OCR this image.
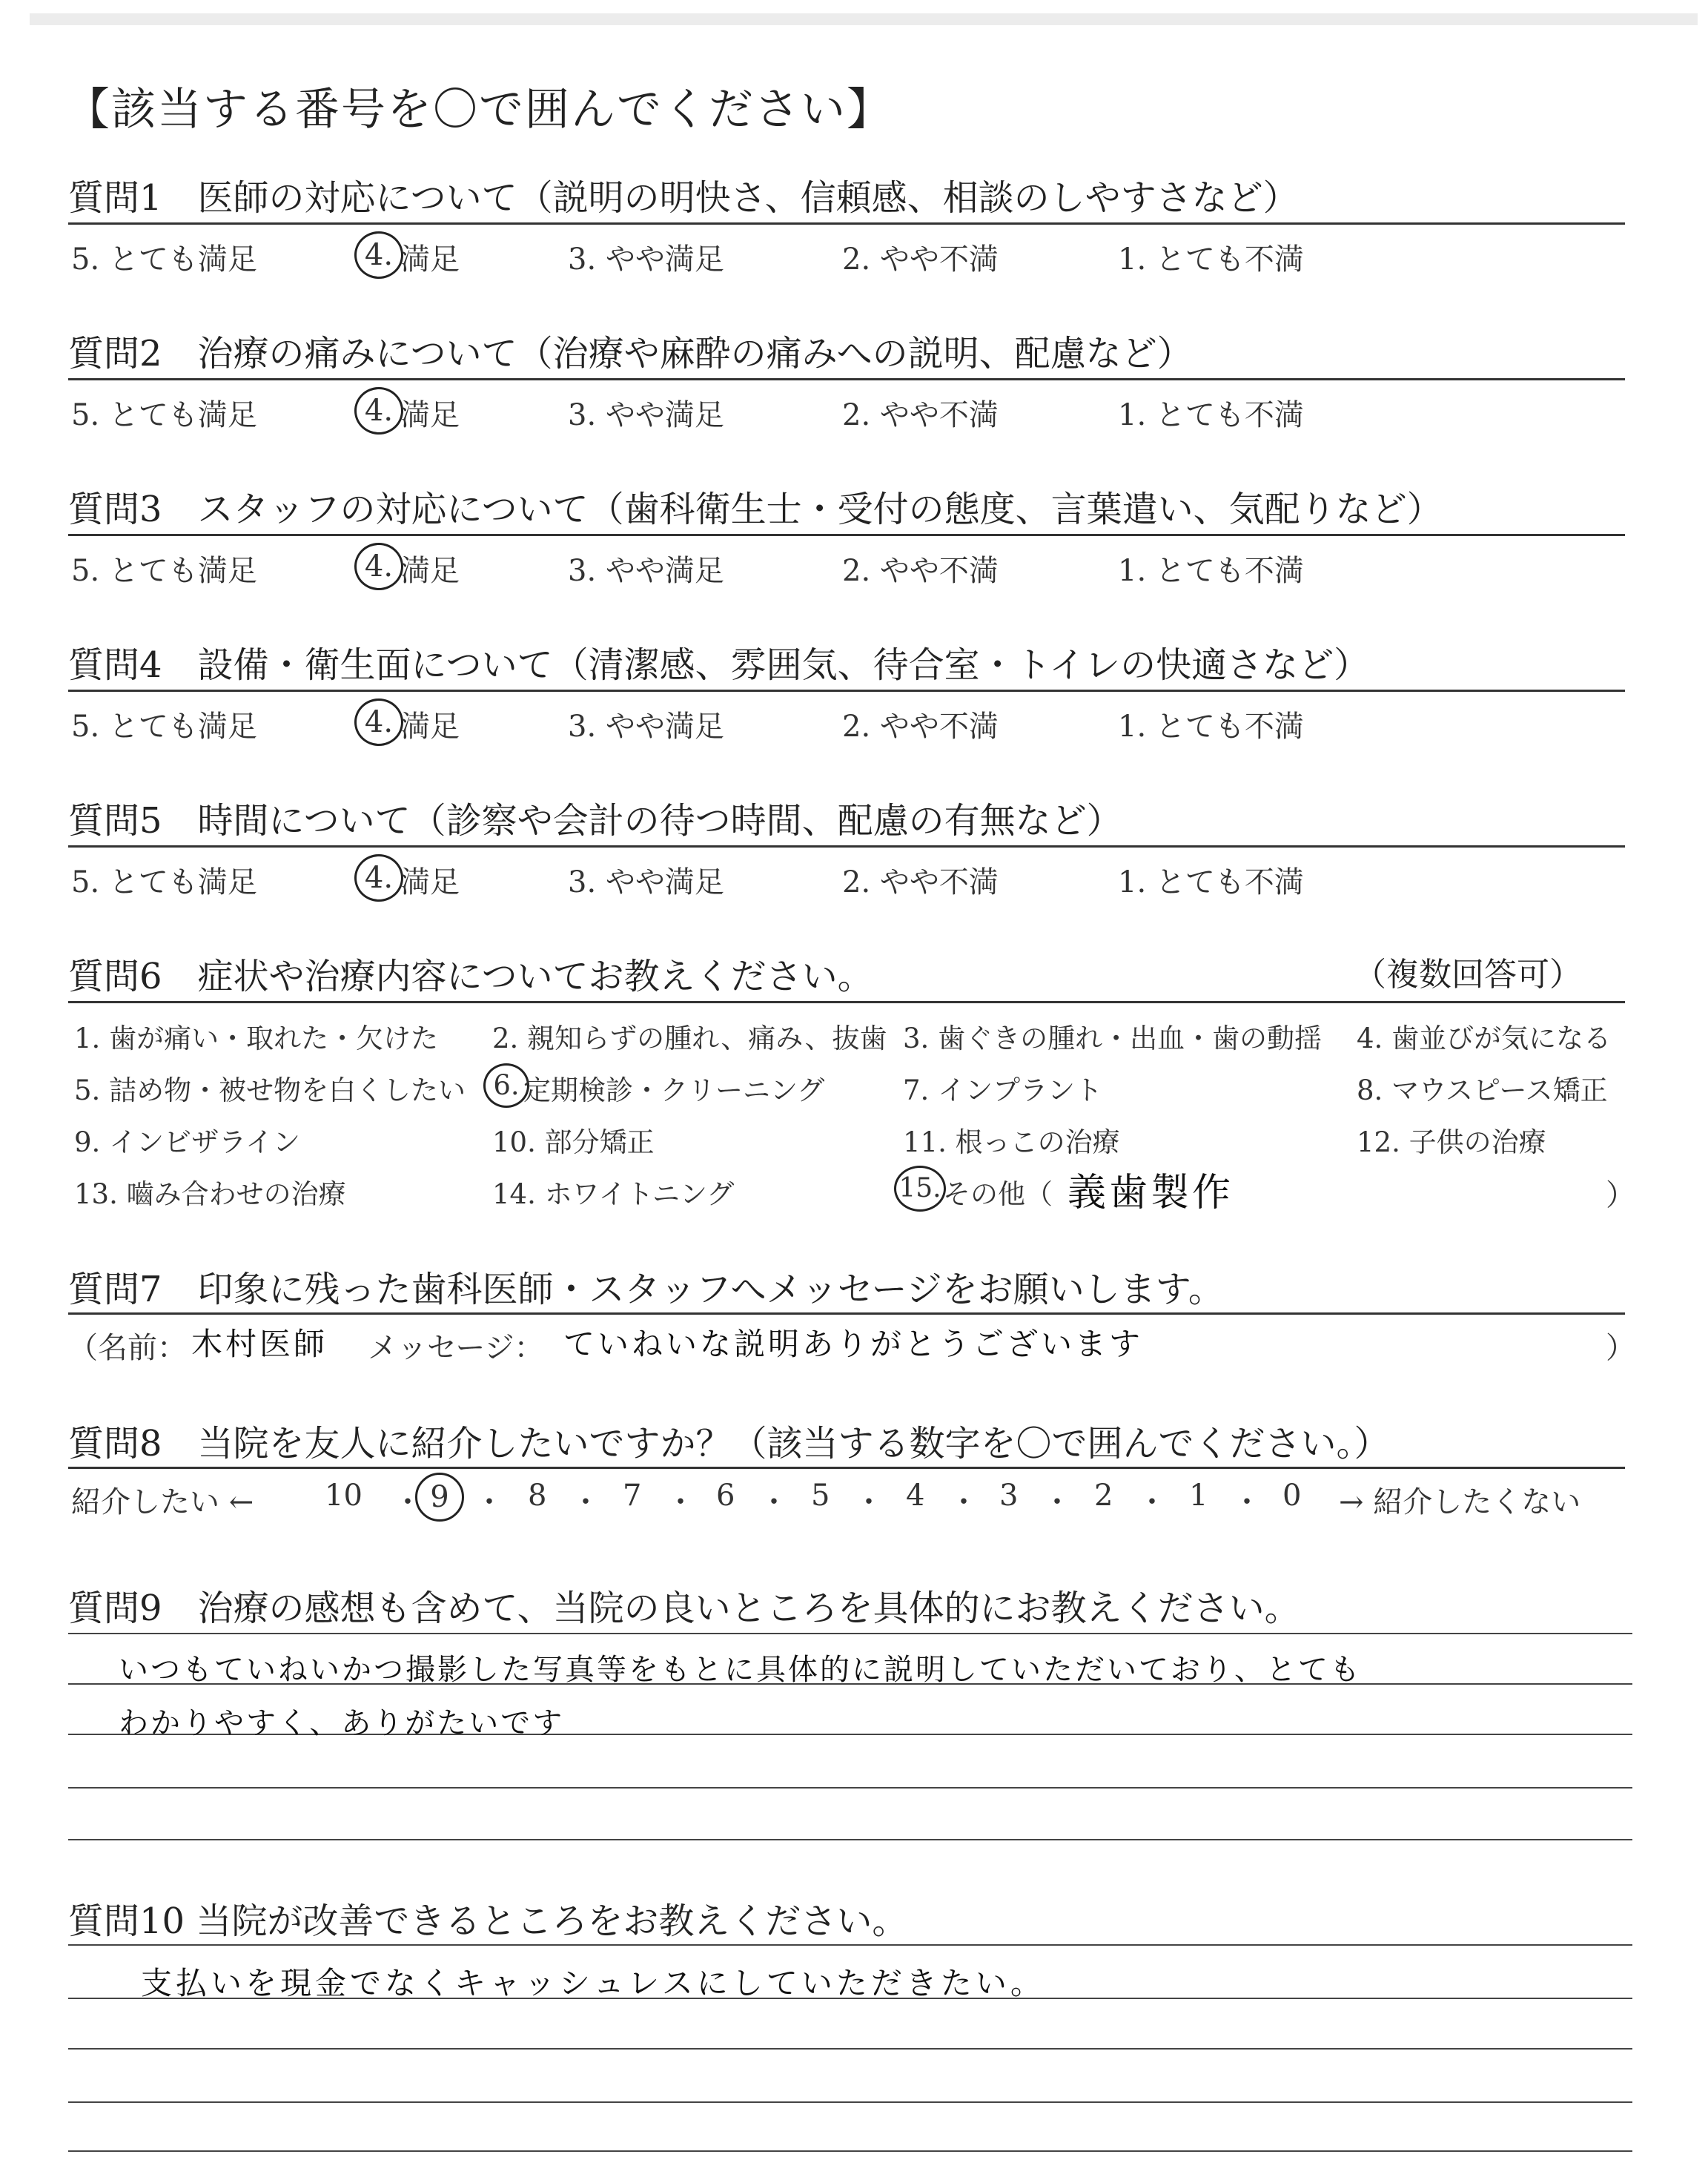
【該当する番号を〇で囲んでください】
質問1　医師の対応について（説明の明快さ、信頼感、相談のしやすさなど）
5. とても満足	4. 満足	3. やや満足	2. やや不満	1. とても不満
質問2　治療の痛みについて（治療や麻酔の痛みへの説明、配慮など）
5. とても満足	4. 満足	3. やや満足	2. やや不満	1. とても不満
質問3　スタッフの対応について（歯科衛生士・受付の態度、言葉遣い、気配りなど）
5. とても満足	4. 満足	3. やや満足	2. やや不満	1. とても不満
質問4　設備・衛生面について（清潔感、雰囲気、待合室・トイレの快適さなど）
5. とても満足	4. 満足	3. やや満足	2. やや不満	1. とても不満
質問5　時間について（診察や会計の待つ時間、配慮の有無など）
5. とても満足	4. 満足	3. やや満足	2. やや不満	1. とても不満
質問6　症状や治療内容についてお教えください。	（複数回答可）
1. 歯が痛い・取れた・欠けた 2. 親知らずの腫れ、痛み、抜歯 3. 歯ぐきの腫れ・出血・歯の動揺 4. 歯並びが気になる
5. 詰め物・被せ物を白くしたい	6. 定期検診・クリーニング	7. インプラント	8. マウスピース矯正
9. インビザライン	10. 部分矯正	11. 根っこの治療	12. 子供の治療
13. 嚙み合わせの治療	14. ホワイトニング	15. その他（ 義歯製作	）
質問7　印象に残った歯科医師・スタッフへメッセージをお願いします。
（名前： 木村医師 メッセージ： ていねいな説明ありがとうございます	）
質問8　当院を友人に紹介したいですか？（該当する数字を〇で囲んでください。）
紹介したい ← 10 ・ 9 ・ 8 ・ 7 ・ 6 ・ 5 ・ 4 ・ 3 ・ 2 ・ 1 ・ 0 → 紹介したくない
質問9　治療の感想も含めて、当院の良いところを具体的にお教えください。
いつもていねいかつ撮影した写真等をもとに具体的に説明していただいており、とても
わかりやすく、ありがたいです
質問10 当院が改善できるところをお教えください。
支払いを現金でなくキャッシュレスにしていただきたい。
